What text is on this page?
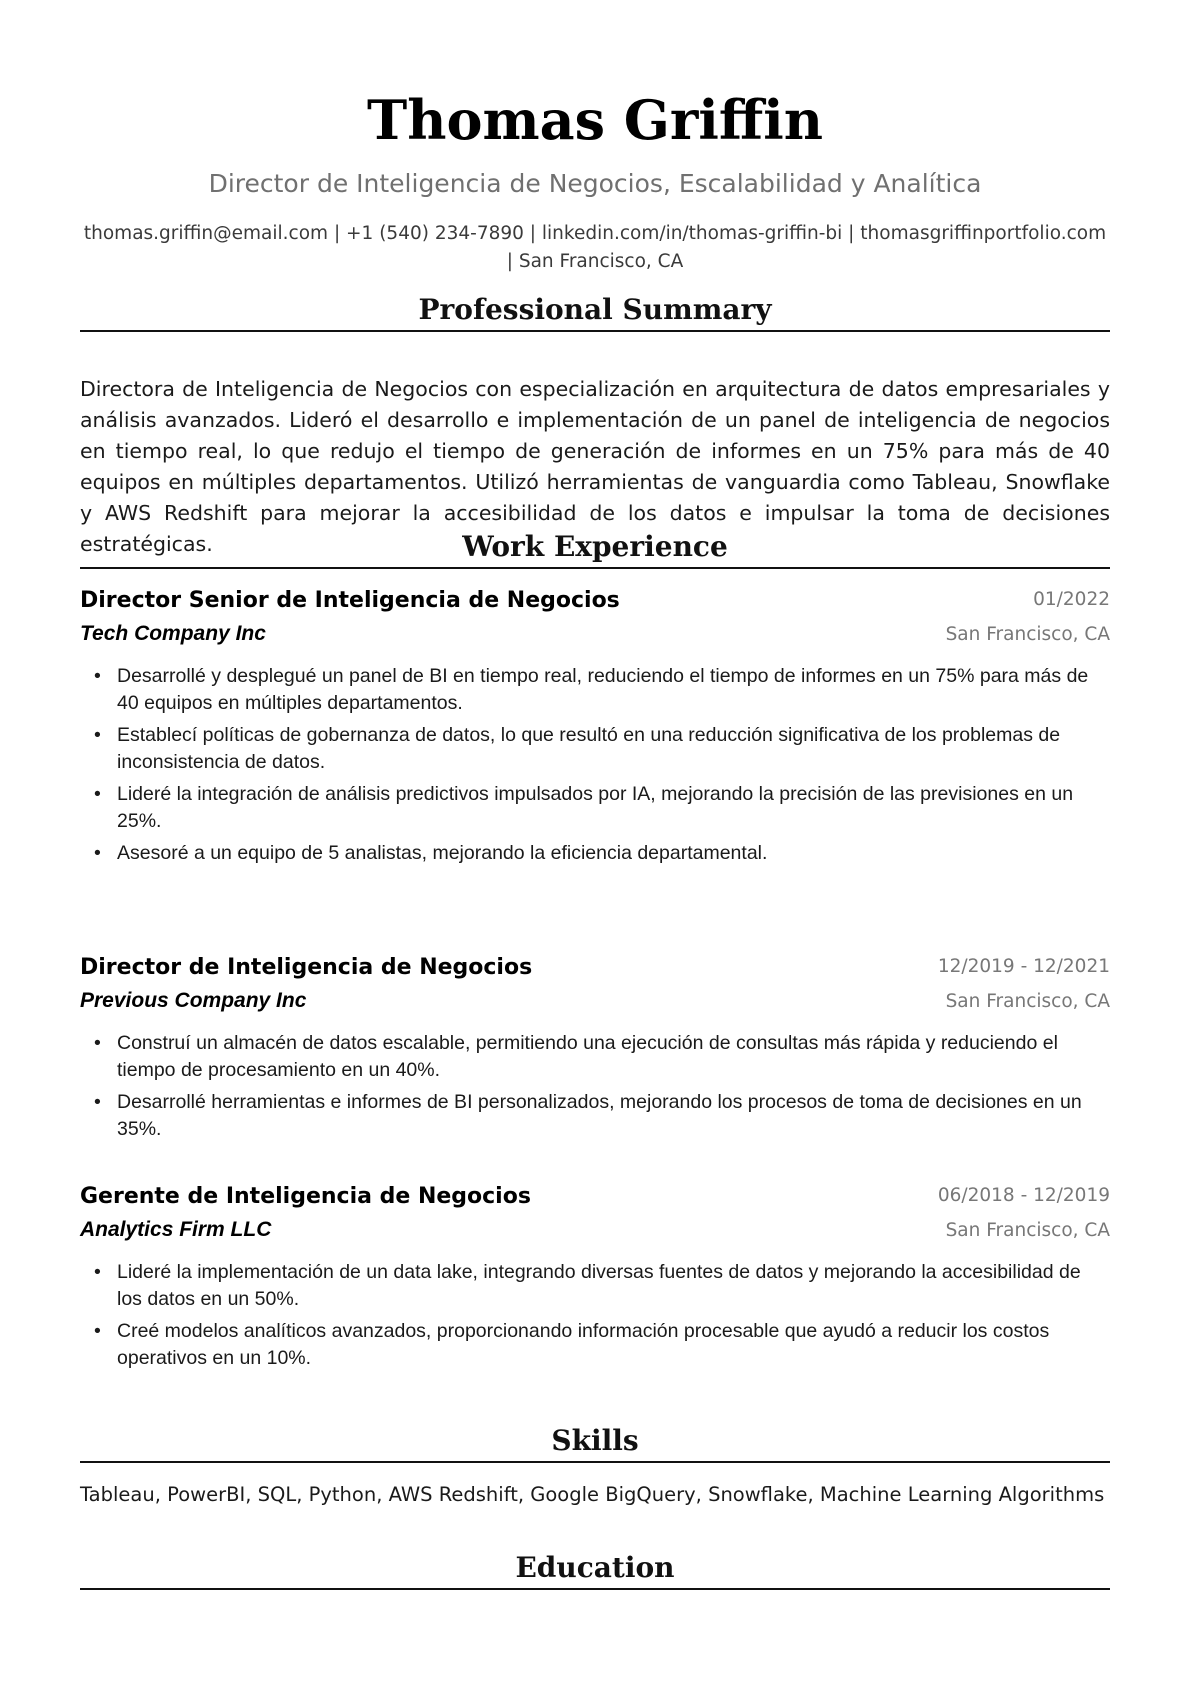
Thomas Griffin
Director de Inteligencia de Negocios, Escalabilidad y Analítica
thomas.griffin@email.com | +1 (540) 234-7890 | linkedin.com/in/thomas-griffin-bi | thomasgriffinportfolio.com
| San Francisco, CA
Professional Summary
Directora de Inteligencia de Negocios con especialización en arquitectura de datos empresariales y análisis avanzados. Lideró el desarrollo e implementación de un panel de inteligencia de negocios en tiempo real, lo que redujo el tiempo de generación de informes en un 75% para más de 40 equipos en múltiples departamentos. Utilizó herramientas de vanguardia como Tableau, Snowflake y AWS Redshift para mejorar la accesibilidad de los datos e impulsar la toma de decisiones estratégicas.	Work Experience
Director Senior de Inteligencia de Negocios	01/2022
Tech Company Inc	San Francisco, CA
• Desarrollé y desplegué un panel de BI en tiempo real, reduciendo el tiempo de informes en un 75% para más de 40 equipos en múltiples departamentos.
• Establecí políticas de gobernanza de datos, lo que resultó en una reducción significativa de los problemas de inconsistencia de datos.
• Lideré la integración de análisis predictivos impulsados por IA, mejorando la precisión de las previsiones en un 25%.
• Asesoré a un equipo de 5 analistas, mejorando la eficiencia departamental.
Director de Inteligencia de Negocios	12/2019 - 12/2021
Previous Company Inc	San Francisco, CA
• Construí un almacén de datos escalable, permitiendo una ejecución de consultas más rápida y reduciendo el tiempo de procesamiento en un 40%.
• Desarrollé herramientas e informes de BI personalizados, mejorando los procesos de toma de decisiones en un 35%.
Gerente de Inteligencia de Negocios	06/2018 - 12/2019
Analytics Firm LLC	San Francisco, CA
• Lideré la implementación de un data lake, integrando diversas fuentes de datos y mejorando la accesibilidad de los datos en un 50%.
• Creé modelos analíticos avanzados, proporcionando información procesable que ayudó a reducir los costos operativos en un 10%.
Skills
Tableau, PowerBI, SQL, Python, AWS Redshift, Google BigQuery, Snowflake, Machine Learning Algorithms
Education
